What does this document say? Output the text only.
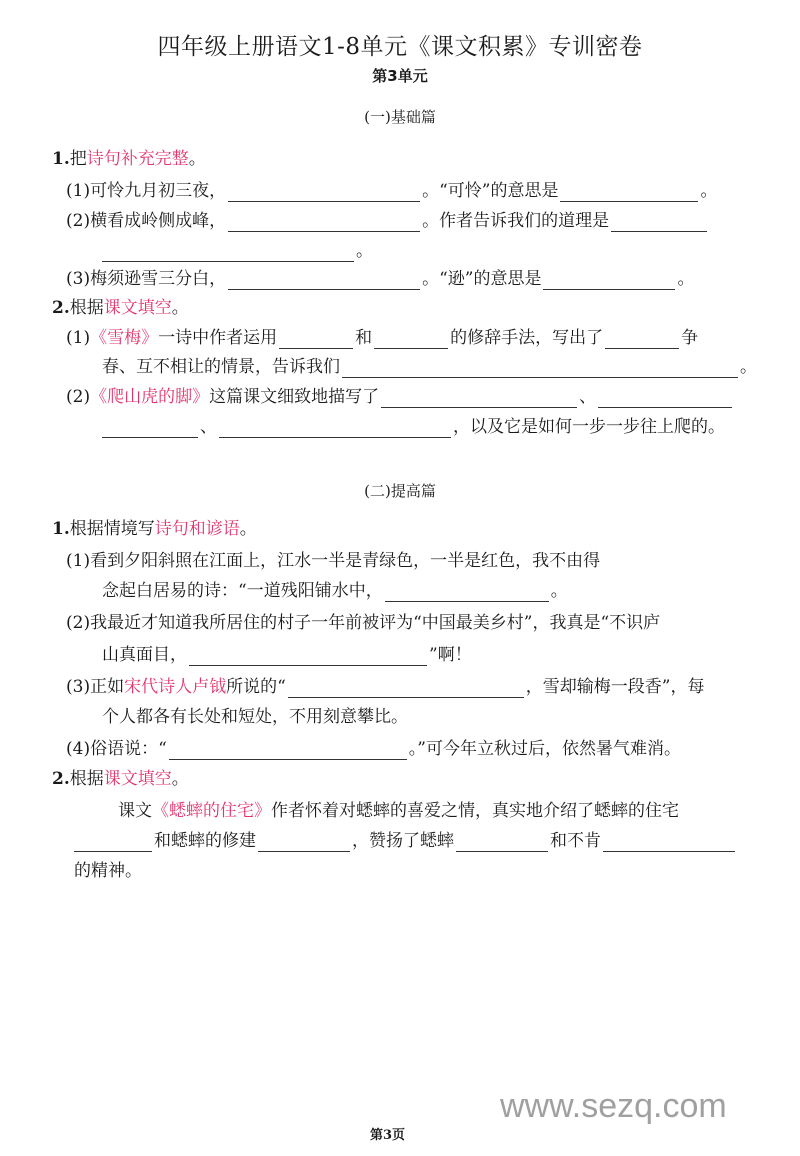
四年级上册语文1-8单元《课文积累》专训密卷
第3单元
(一)基础篇
1.把诗句补充完整。
(1)可怜九月初三夜，	。“可怜”的意思是	。
(2)横看成岭侧成峰，	。作者告诉我们的道理是
。
(3)梅须逊雪三分白，	。“逊”的意思是	。
2.根据课文填空。
(1)《雪梅》一诗中作者运用	和	的修辞手法，写出了	争
春、互不相让的情景，告诉我们	。
(2)《爬山虎的脚》这篇课文细致地描写了	、
、	，以及它是如何一步一步往上爬的。
(二)提高篇
1.根据情境写诗句和谚语。
(1)看到夕阳斜照在江面上，江水一半是青绿色，一半是红色，我不由得
念起白居易的诗：“一道残阳铺水中，	。
(2)我最近才知道我所居住的村子一年前被评为“中国最美乡村”，我真是“不识庐
山真面目，	”啊！
(3)正如宋代诗人卢钺所说的“	，雪却输梅一段香”，每
个人都各有长处和短处，不用刻意攀比。
(4)俗语说：“	。”可今年立秋过后，依然暑气难消。
2.根据课文填空。
课文《蟋蟀的住宅》作者怀着对蟋蟀的喜爱之情，真实地介绍了蟋蟀的住宅
和蟋蟀的修建	，赞扬了蟋蟀	和不肯
的精神。
www.sezq.com
第3页
